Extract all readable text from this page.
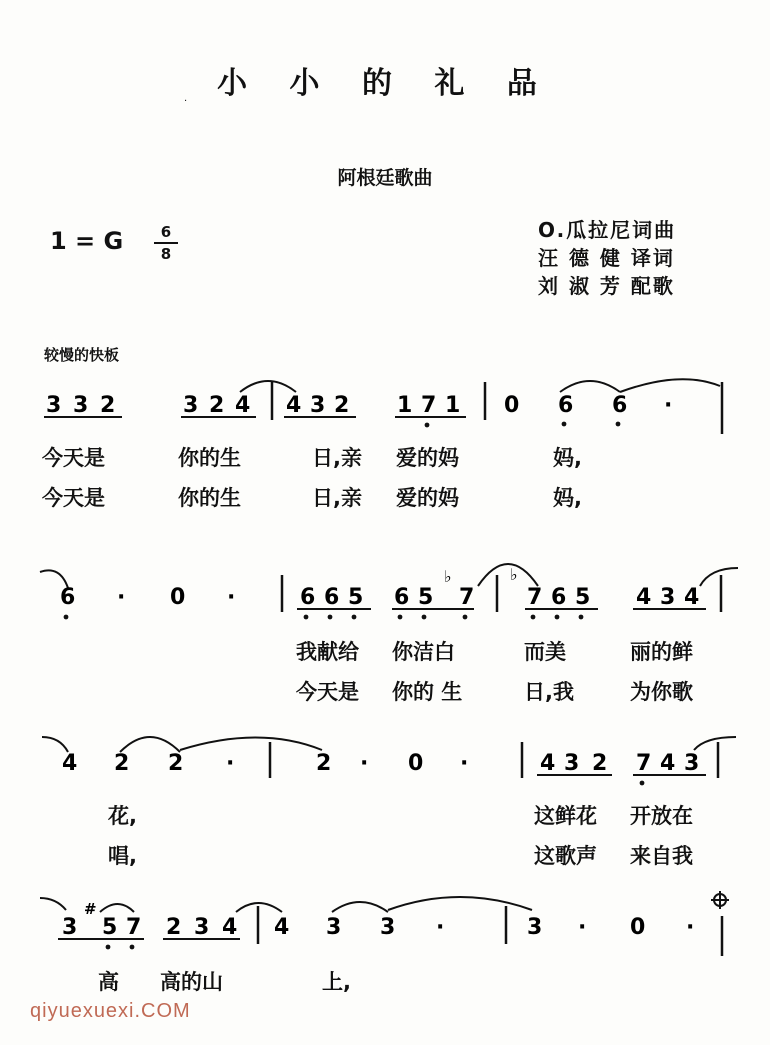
小 小 的 礼 品
·
阿根廷歌曲
1 = G	6
8
O.瓜拉尼词曲
汪 德 健 译词
刘 淑 芳 配歌
较慢的快板
3 3 2	3 2 4 4 3 2 1 7 1 0 6 6 ·
6 · 0 ·	6 6 5 6 5 7 7 6 5 4 3 4
♭	♭
4 2 2 ·	2 · 0 ·	4 3 2 7 4 3
3 5 7 2 3 4 4 3 3 ·	3 · 0 ·
#
今天是	你的生	日,亲 爱的妈	妈,
今天是	你的生	日,亲 爱的妈	妈,
我献给 你洁白	而美	丽的鲜
今天是 你的 生	日,我	为你歌
花,	这鲜花 开放在
唱,	这歌声 来自我
高 高的山	上,
qiyuexuexi.COM
